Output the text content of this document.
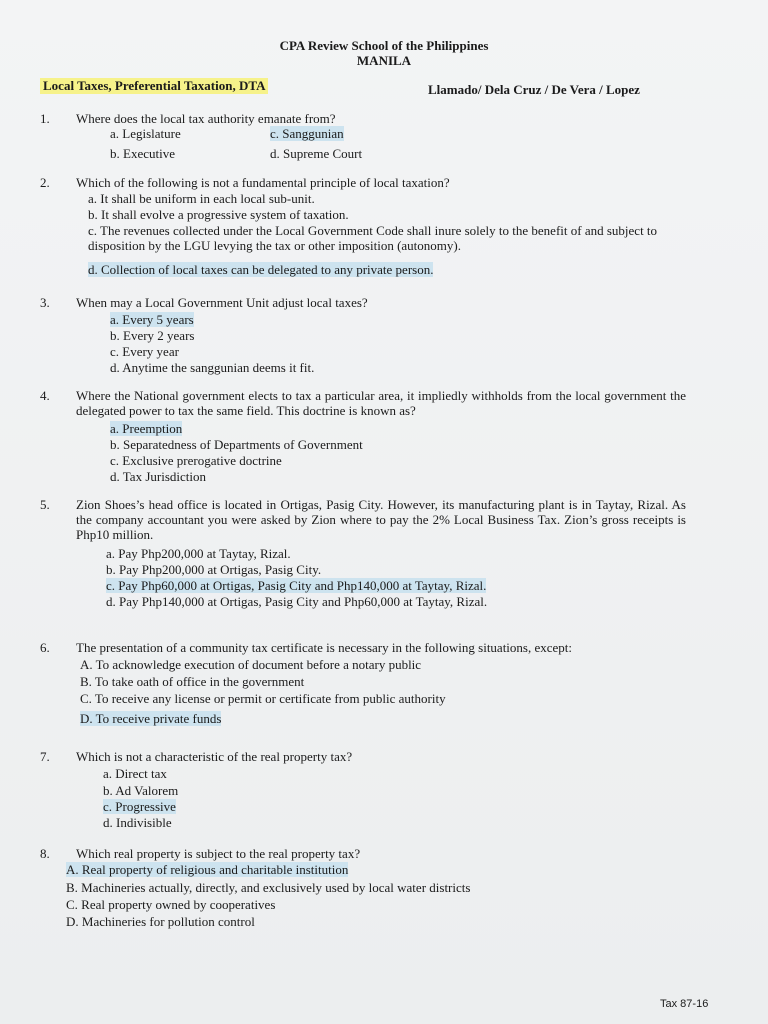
CPA Review School of the Philippines
MANILA
Local Taxes, Preferential Taxation, DTA	Llamado/ Dela Cruz / De Vera / Lopez
1. Where does the local tax authority emanate from?
a. Legislature	c. Sanggunian
b. Executive	d. Supreme Court
2. Which of the following is not a fundamental principle of local taxation?
a. It shall be uniform in each local sub-unit.
b. It shall evolve a progressive system of taxation.
c. The revenues collected under the Local Government Code shall inure solely to the benefit of and subject to disposition by the LGU levying the tax or other imposition (autonomy).
d. Collection of local taxes can be delegated to any private person.
3. When may a Local Government Unit adjust local taxes?
a. Every 5 years
b. Every 2 years
c. Every year
d. Anytime the sanggunian deems it fit.
4. Where the National government elects to tax a particular area, it impliedly withholds from the local government the delegated power to tax the same field. This doctrine is known as?
a. Preemption
b. Separatedness of Departments of Government
c. Exclusive prerogative doctrine
d. Tax Jurisdiction
5. Zion Shoes’s head office is located in Ortigas, Pasig City. However, its manufacturing plant is in Taytay, Rizal. As the company accountant you were asked by Zion where to pay the 2% Local Business Tax. Zion’s gross receipts is Php10 million.
a. Pay Php200,000 at Taytay, Rizal.
b. Pay Php200,000 at Ortigas, Pasig City.
c. Pay Php60,000 at Ortigas, Pasig City and Php140,000 at Taytay, Rizal.
d. Pay Php140,000 at Ortigas, Pasig City and Php60,000 at Taytay, Rizal.
6. The presentation of a community tax certificate is necessary in the following situations, except:
A. To acknowledge execution of document before a notary public
B. To take oath of office in the government
C. To receive any license or permit or certificate from public authority
D. To receive private funds
7. Which is not a characteristic of the real property tax?
a. Direct tax
b. Ad Valorem
c. Progressive
d. Indivisible
8. Which real property is subject to the real property tax?
A. Real property of religious and charitable institution
B. Machineries actually, directly, and exclusively used by local water districts
C. Real property owned by cooperatives
D. Machineries for pollution control
Tax 87-16
